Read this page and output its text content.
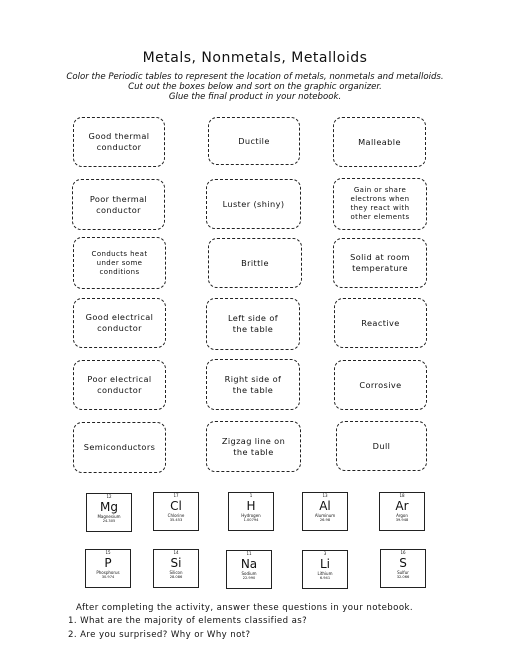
Metals, Nonmetals, Metalloids
Color the Periodic tables to represent the location of metals, nonmetals and metalloids.
Cut out the boxes below and sort on the graphic organizer.
Glue the final product in your notebook.
Good thermal conductor
Ductile	Malleable
Poor thermal conductor
Luster (shiny)
Gain or share electrons when they react with other elements
Conducts heat under some conditions
Brittle
Solid at room temperature
Good electrical conductor
Left side of the table
Reactive
Poor electrical conductor
Right side of the table	Corrosive
Semiconductors
Zigzag line on the table
Dull
12
Mg
Magnesium
24.305
17
Cl
Chlorine
35.453
1
H
Hydrogen
1.00794
13
Al
Aluminum
26.98
18
Ar
Argon
39.948
15
P
Phosphorus
30.974
14
Si
Silicon
28.086
11
Na
Sodium
22.990
3
Li
Lithium
6.941
16
S
Sulfur
32.066
After completing the activity, answer these questions in your notebook.
1. What are the majority of elements classified as?
2. Are you surprised? Why or Why not?
